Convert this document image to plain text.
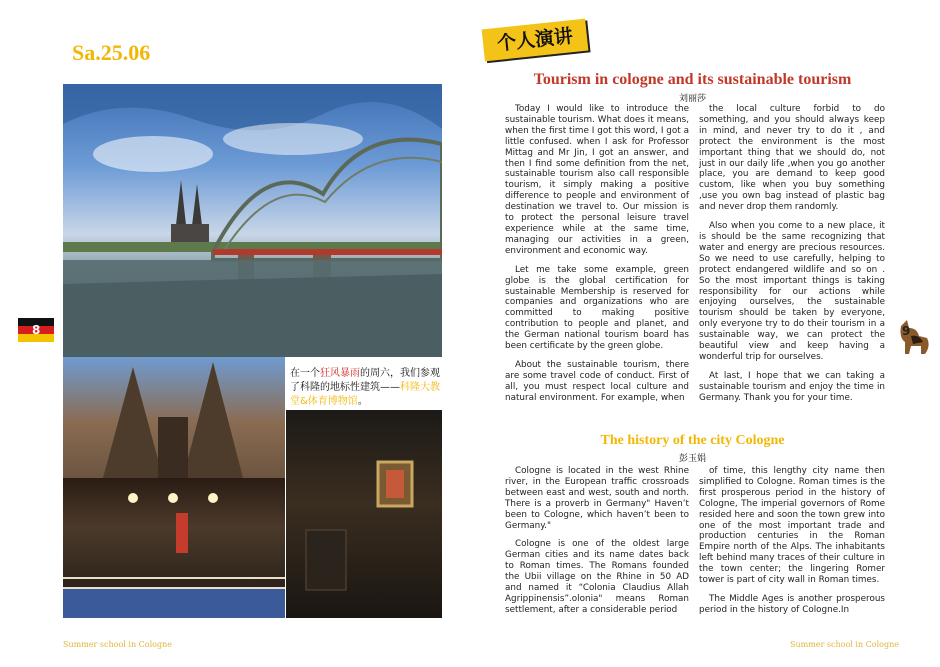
Sa.25.06
在一个狂风暴雨的周六，我们参观了科隆的地标性建筑——科隆大教堂&体育博物馆。
8
Summer school in Cologne
个人演讲
Tourism in cologne and its sustainable tourism
刘丽莎

Today I would like to introduce the sustainable tourism. What does it means, when the first time I got this word, I got a little confused. when I ask for Professor Mittag and Mr Jin, I got an answer, and then I find some definition from the net, sustainable tourism also call responsible tourism, it simply making a positive difference to people and environment of destination we travel to. Our mission is to protect the personal leisure travel experience while at the same time, managing our activities in a green, environment and economic way.

Let me take some example, green globe is the global certification for sustainable Membership is reserved for companies and organizations who are committed to making positive contribution to people and planet, and the German national tourism board has been certificate by the green globe.

About the sustainable tourism, there are some travel code of conduct. First of all, you must respect local culture and natural environment. For example, when

the local culture forbid to do something, and you should always keep in mind, and never try to do it , and protect the environment is the most important thing that we should do, not just in our daily life ,when you go another place, you are demand to keep good custom, like when you buy something ,use you own bag instead of plastic bag and never drop them randomly.

Also when you come to a new place, it is should be the same recognizing that water and energy are precious resources. So we need to use carefully, helping to protect endangered wildlife and so on . So the most important things is taking responsibility for our actions while enjoying ourselves, the sustainable tourism should be taken by everyone, only everyone try to do their tourism in a sustainable way, we can protect the beautiful view and keep having a wonderful trip for ourselves.

At last, I hope that we can taking a sustainable tourism and enjoy the time in Germany. Thank you for your time.

The history of the city Cologne
彭玉娟

Cologne is located in the west Rhine river, in the European traffic crossroads between east and west, south and north. There is a proverb in Germany" Haven’t been to Cologne, which haven’t been to Germany."

Cologne is one of the oldest large German cities and its name dates back to Roman times. The Romans founded the Ubii village on the Rhine in 50 AD and named it “Colonia Claudius Allah Agrippinensis”.olonia" means Roman settlement, after a considerable period

of time, this lengthy city name then simplified to Cologne. Roman times is the first prosperous period in the history of Cologne, The imperial governors of Rome resided here and soon the town grew into one of the most important trade and production centuries in the Roman Empire north of the Alps. The inhabitants left behind many traces of their culture in the town center; the lingering Romer tower is part of city wall in Roman times.

The Middle Ages is another prosperous period in the history of Cologne.In

9
Summer school in Cologne
